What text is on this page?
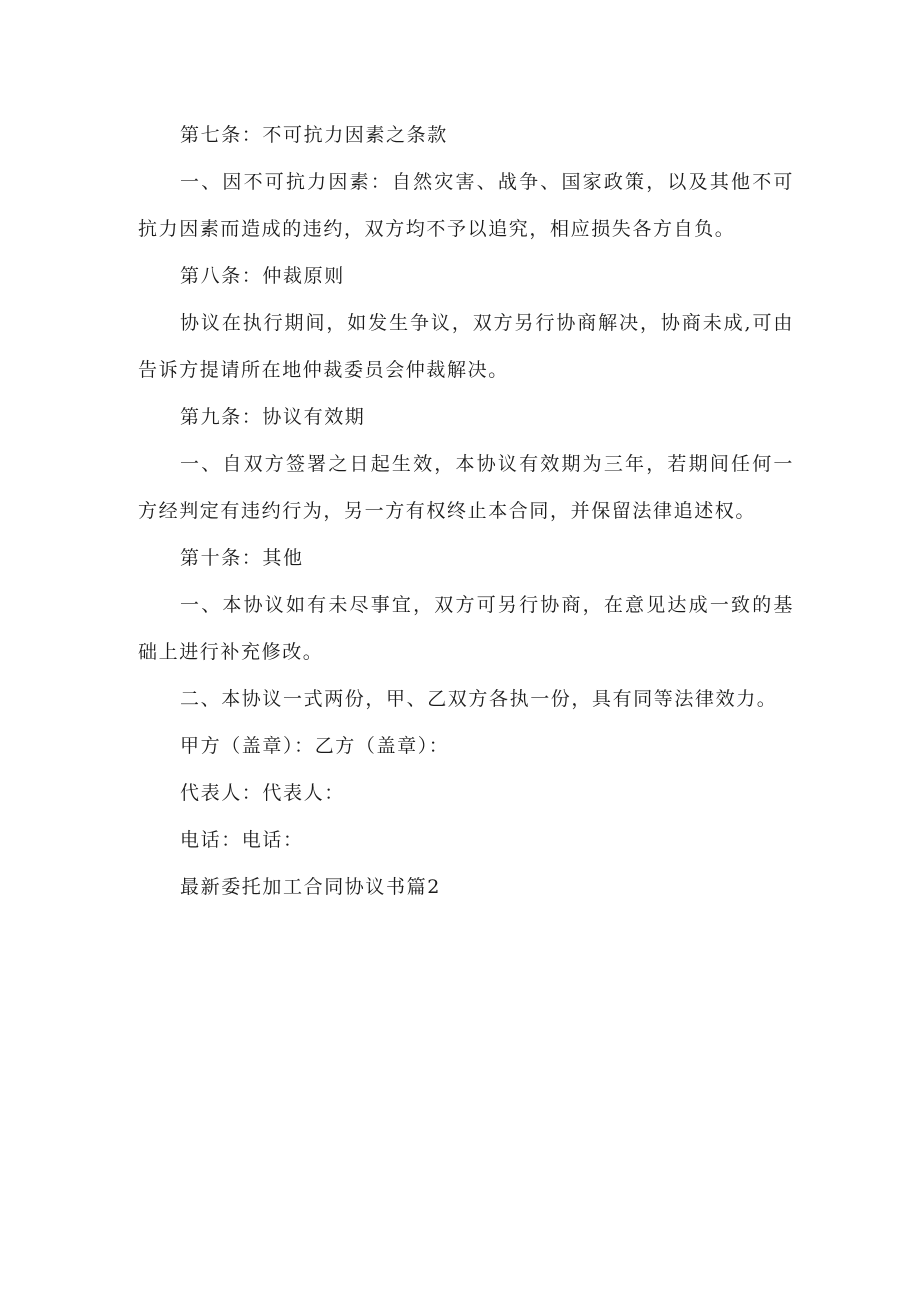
第七条：不可抗力因素之条款

一、因不可抗力因素：自然灾害、战争、国家政策，以及其他不可抗力因素而造成的违约，双方均不予以追究，相应损失各方自负。

第八条：仲裁原则

协议在执行期间，如发生争议，双方另行协商解决，协商未成,可由告诉方提请所在地仲裁委员会仲裁解决。

第九条：协议有效期

一、自双方签署之日起生效，本协议有效期为三年，若期间任何一方经判定有违约行为，另一方有权终止本合同，并保留法律追述权。

第十条：其他

一、本协议如有未尽事宜，双方可另行协商，在意见达成一致的基础上进行补充修改。

二、本协议一式两份，甲、乙双方各执一份，具有同等法律效力。

甲方（盖章）：乙方（盖章）：

代表人：代表人：

电话：电话：

最新委托加工合同协议书篇2
